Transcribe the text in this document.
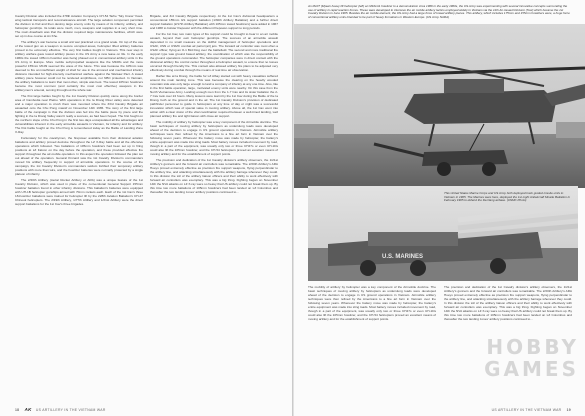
Cavalry Division also included the 478th Aviation Company's CH-54 Tarhe "Sky Crane" fixed-wing tactical transports and reconnaissance aircraft. The large aviation component permitted the division to find and then destroy large enemy units by means of its infantry, artillery, and helicopter gunships. Its totals were much, men, weapons and supplies in a very short time. The main drawback was that the division required large maintenance facilities, which were set up in due course at An Khe.

The artillery's war became a small unit war practiced on a grand scale. On top of the use of the towed gun as a weapon to secure occupied areas, helicopter lifted artillery batteries proved to be extremely effective. The very first battles fought in Vietnam. This new step in artillery warfare gave towed artillery pieces in the US Army a new lease on life. In the early 1960s the towed 105mm howitzer was being phased out in conventional artillery units in the US Army in Europe. More mobile self-propelled weapons like the M108s and the more powerful 155mm M109 seemed the wave of the future. This was because the 105mm was deemed to fire an insufficient weight of shell for use in the armored and mechanized infantry divisions intended for high-intensity mechanized warfare against the Warsaw Pact. A towed artillery piece however could not be rendered amphibious, nor NBC protected. In Vietnam, the artillery battalions to learn that most often, simple was best. The towed 105mm howitzers became the most common (and certainly the most cost effective) weapons in the artillerymen's arsenal, serving throughout the whole war.

The first large battles fought by the 1st Cavalry Division quickly came along the border area of Cambodia near Pleiku. With operations in the Ia Drang River valley were detected and a major operation to crush them was mounted where the 33rd Cavalry Brigade air assaulted onto the Chu Pong massif on November 14th 1965. The story of the first large battle of the campaign is that the division was fed into the battle piece by piece and the fighting in the Ia Drang Valley wasn't really a success, as had been hoped. The first fought on the northern slope of the Chu Pong in the first two days encapsulated all the advantages and vulnerabilities inherent in the early airmobile assaults in Vietnam, for infantry and for artillery. The first battle fought on the Chu Pong is remembered today as the Battle of Landing Zone X-Ray.

Fortunately for the cavalrymen, the firepower available from their divisional aviation battalions and artillery proved decisive throughout the LZ X-Ray battle and all the offensive operations which followed. Two battalions of 105mm howitzers had been set up in firing positions at LZ Falcon on the day before the operation, and these provided effective fire support throughout the air-mobile operation. In this aspect the operation followed the plan set out ahead of the operation. General Kinnard saw the 1st Cavalry Division's commanders moved his artillery frequently in support of airmobile operations. In the course of the campaign, the 1st Cavalry Division's commanders seldom fortified their temporary artillery positions with more than wire, and the howitzer batteries were normally protected by a single platoon of infantry.

The 2/20th Artillery (Aerial Rocket Artillery or ARA) was a unique feature of the 1st Cavalry Division, which was used in place of the conventional General Support 155mm howitzer battalion found in other infantry divisions. This battalion's batteries were equipped with UH-1B helicopter gunships armed with 70mm rockets each. Each of the 1st Cav's three 18-howitzer battalions were trained for helicopter lift by the 228th Aviation Battalion's CH-47 Chinook helicopters. The 2/19th Artillery, 1/77th Artillery and 1/21st Artillery were the direct support battalions for the 1st Cav's three brigades.

Brigade, and 3rd Cavalry Brigade respectively. At the 1st Cav's divisional headquarters a conventional 155mm GS support battalion (1/30th Artillery Battalion) and a further direct support battalion (2/17th Artillery Battalion) with 105mm towed howitzers) were added in 1967 and 1968 to bolster firepower with the different firepower-support to long periods.

For the 1st Cav, two main types of fire support could be brought to bear in an air mobile assault, beyond their own helicopter gunships. The success of an airmobile assault depended in no small measure on the skillful management of helicopter operations and USAF, USN or USMC combat air patrol (air) jets. The forward air controller was most often a USAF officer, flying an O-1 Bird Dog over the battlefield. The second and more traditional fire support type was ground based artillery, the coordination of which was the responsibility of the ground operations commander. The helicopter companies were in direct contact with the divisional artillery fire control center throughout a helicopter assault, to ensure that no losses occurred through friendly fire. This contact also allowed artillery fire plans to be adjusted very effectively during combat through the means of real time air observation.

Rather like at Ia Drang, the battle for LZ Albay started out with heavy casualties suffered around the main landing zone. This was because the clearing on the heavily wooded mountain side was only large enough to land a company of infantry at any one time. Also, like in the first battle operation, large, motivated enemy units were nearby. On this case from the North Vietnamese Army. Landing enough men from the 1-7 Cav and its sister battalion the 2-7 Cav took over 24 hours. Many lessons were learnt by the 1st Cav during the Battle of the Ia Drang, both on the ground and in the air. The 1st Cavalry Division's provision of dedicated pathfinder personnel to guide in helicopters at any time of day or night was a successful innovation which was of special value in moving artillery. Above all, the 1st Cav went into action with a clear vision of the vital coordination required between a well-timed landing, well planned artillery fire and tight liaison with close air support.

The mobility of artillery by helicopter was a key component of the Airmobile doctrine. The basic techniques of moving artillery by helicopters as underslung loads were developed ahead of the decision to engage in US ground operations in Vietnam. Airmobile artillery techniques were then refined by the Americans to a fine art form in Vietnam over the following seven years. Whenever the battery move was made by helicopter, the battery's entire equipment was made into sling loads. Most battery moves included movement by road, though in a part of the equipment, was usually only two or three CH47s or even UH-1Ds could also lift the 105mm howitzer, and the CH-54 helicopters proved an excellent means of moving artillery and for the establishment of support points.

The precision and dedication of the 1st Cavalry division's artillery observers, the 1/21st Artillery's gunners and the forward air controllers was remarkable. The 2/20th Artillery's ARA Hueys proved extremely effective as precision fire support weapons, flying perpendicular to the artillery line, and attacking simultaneously with the artillery barrage whenever they could. In this division the toll of the artillery liaison officers and their ability to work effectively with forward air controllers was exemplary. This was a big thing. Fighting began on November 14th the NVA attacks on LZ X-ray were so heavy that US artillery could not break them up. By this time two more battalions of 105mm howitzers had been landed on LZ Columbus and thereafter the two landing zones' artillery positions continued to...

18 AK US ARTILLERY IN THE VIETNAM WAR
An M107 (M)awn heavy lift helicopter (left) an M101A1 howitzer to a demonstration circa 1966 in the early 1960s, the US Army was experimenting with several innovative concepts surrounding the use of artillery in rapid reaction forces. These were developed to intensive the air mobile artillery tactics employed widely in Vietnam via the 11th Air Assault Division (Test) which became the 1st Cavalry Division in June 1965. Besides the air mobile element, the US Army had a large force of towed artillery pieces. This artillery, which includes 175mm and 155mm howitzers were, a huge force of conventional artillery units intended to be part of heavy formations in Western Europe. (US Army NARA)
U.S. MARINES
This United States Marine Corps and US Army both deployed track guided missile units to Vietnam in 1965. The Marines were here, deployed the 1st Light Antiaircraft Missile Battalion in February 1965 to defend the Da Nang airbase. (USMC Photo)

The mobility of artillery by helicopter was a key component of the Airmobile doctrine. The basic techniques of moving artillery by helicopters as underslung loads were developed ahead of the decision to engage in US ground operations in Vietnam. Airmobile artillery techniques were then refined by the Americans to a fine art form in Vietnam over the following seven years. Whenever the battery move was made by helicopter, the battery's entire equipment was made into sling loads. Most battery moves included movement by road, though in a part of the equipment, was usually only two or three CH47s or even UH-1Ds could also lift the 105mm howitzer, and the CH-54 helicopters proved an excellent means of moving artillery and for the establishment of support points.

The precision and dedication of the 1st Cavalry division's artillery observers, the 1/21st Artillery's gunners and the forward air controllers was remarkable. The 2/20th Artillery's ARA Hueys proved extremely effective as precision fire support weapons, flying perpendicular to the artillery line, and attacking simultaneously with the artillery barrage whenever they could. In this division the toll of the artillery liaison officers and their ability to work effectively with forward air controllers was exemplary. This was a big thing. Fighting began on November 14th the NVA attacks on LZ X-ray were so heavy that US artillery could not break them up. By this time two more battalions of 105mm howitzers had been landed on LZ Columbus and thereafter the two landing zones' artillery positions continued to...

HOBBY
GAMES
US ARTILLERY IN THE VIETNAM WAR 19
